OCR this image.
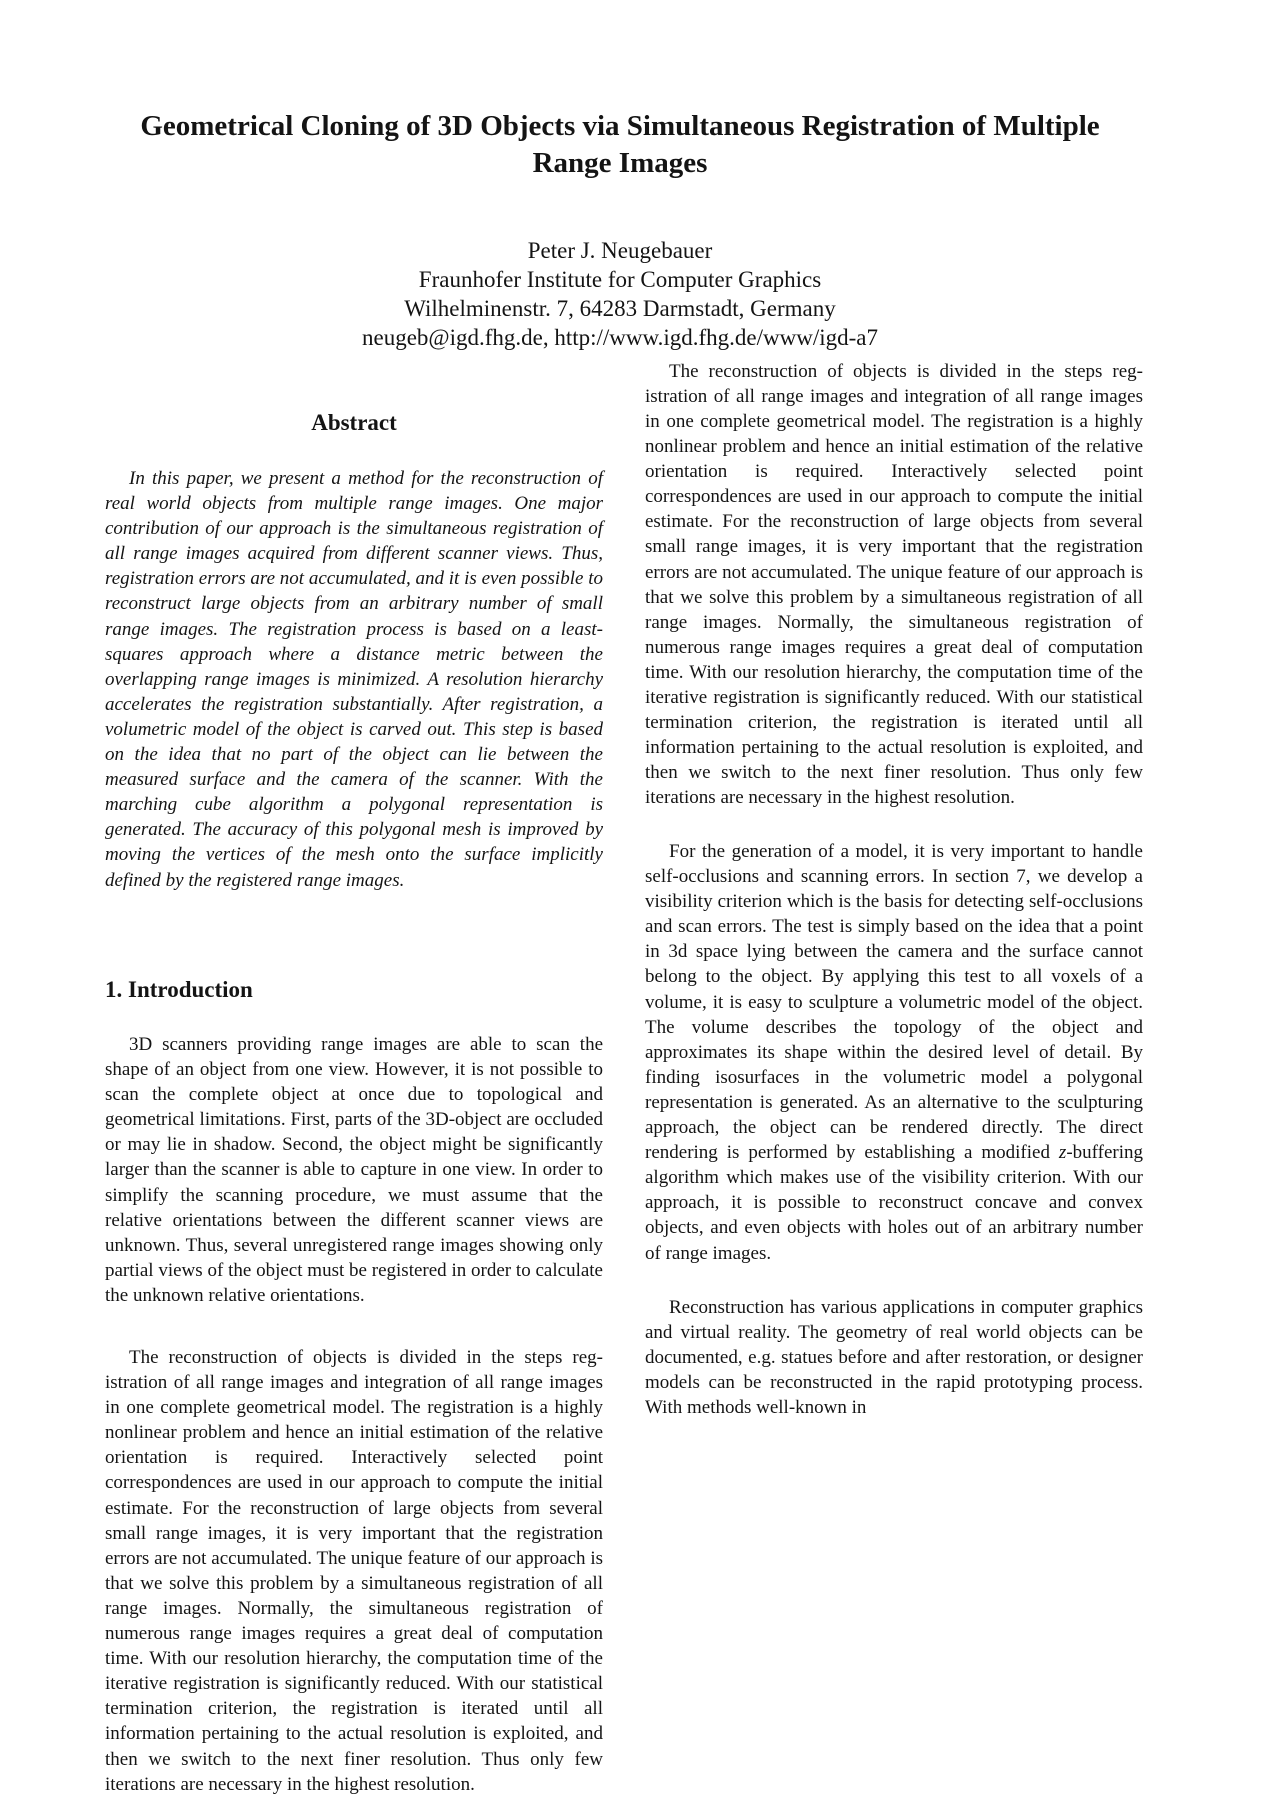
Geometrical Cloning of 3D Objects via Simultaneous Registration of Multiple Range Images
Peter J. Neugebauer
Fraunhofer Institute for Computer Graphics
Wilhelminenstr. 7, 64283 Darmstadt, Germany
neugeb@igd.fhg.de, http://www.igd.fhg.de/www/igd-a7
Abstract
In this paper, we present a method for the reconstruction of real world objects from multiple range images. One major contribution of our approach is the simultaneous registration of all range images acquired from different scanner views. Thus, registration errors are not accumulated, and it is even possible to reconstruct large objects from an arbitrary number of small range images. The registration process is based on a least-squares approach where a distance metric between the overlapping range images is minimized. A resolution hierarchy accelerates the registration substantially. After registration, a volumetric model of the object is carved out. This step is based on the idea that no part of the object can lie between the measured surface and the camera of the scanner. With the marching cube algorithm a polygonal representation is generated. The accuracy of this polygonal mesh is improved by moving the vertices of the mesh onto the surface implicitly defined by the registered range images.
1. Introduction
3D scanners providing range images are able to scan the shape of an object from one view. However, it is not possible to scan the complete object at once due to topological and geometrical limitations. First, parts of the 3D-object are occluded or may lie in shadow. Second, the object might be significantly larger than the scanner is able to capture in one view. In order to simplify the scanning procedure, we must assume that the relative orientations between the different scanner views are unknown. Thus, several unregistered range images showing only partial views of the object must be registered in order to calculate the unknown relative orientations.
The reconstruction of objects is divided in the steps registration of all range images and integration of all range images in one complete geometrical model. The registration is a highly nonlinear problem and hence an initial estimation of the relative orientation is required. Interactively selected point correspondences are used in our approach to compute the initial estimate. For the reconstruction of large objects from several small range images, it is very important that the registration errors are not accumulated. The unique feature of our approach is that we solve this problem by a simultaneous registration of all range images. Normally, the simultaneous registration of numerous range images requires a great deal of computation time. With our resolution hierarchy, the computation time of the iterative registration is significantly reduced. With our statistical termination criterion, the registration is iterated until all information pertaining to the actual resolution is exploited, and then we switch to the next finer resolution. Thus only few iterations are necessary in the highest resolution.
The reconstruction of objects is divided in the steps registration of all range images and integration of all range images in one complete geometrical model. The registration is a highly nonlinear problem and hence an initial estimation of the relative orientation is required. Interactively selected point correspondences are used in our approach to compute the initial estimate. For the reconstruction of large objects from several small range images, it is very important that the registration errors are not accumulated. The unique feature of our approach is that we solve this problem by a simultaneous registration of all range images. Normally, the simultaneous registration of numerous range images requires a great deal of computation time. With our resolution hierarchy, the computation time of the iterative registration is significantly reduced. With our statistical termination criterion, the registration is iterated until all information pertaining to the actual resolution is exploited, and then we switch to the next finer resolution. Thus only few iterations are necessary in the highest resolution.
For the generation of a model, it is very important to handle self-occlusions and scanning errors. In section 7, we develop a visibility criterion which is the basis for detecting self-occlusions and scan errors. The test is simply based on the idea that a point in 3d space lying between the camera and the surface cannot belong to the object. By applying this test to all voxels of a volume, it is easy to sculpture a volumetric model of the object. The volume describes the topology of the object and approximates its shape within the desired level of detail. By finding isosurfaces in the volumetric model a polygonal representation is generated. As an alternative to the sculpturing approach, the object can be rendered directly. The direct rendering is performed by establishing a modified z-buffering algorithm which makes use of the visibility criterion. With our approach, it is possible to reconstruct concave and convex objects, and even objects with holes out of an arbitrary number of range images.
Reconstruction has various applications in computer graphics and virtual reality. The geometry of real world objects can be documented, e.g. statues before and after restoration, or designer models can be reconstructed in the rapid prototyping process. With methods well-known in
